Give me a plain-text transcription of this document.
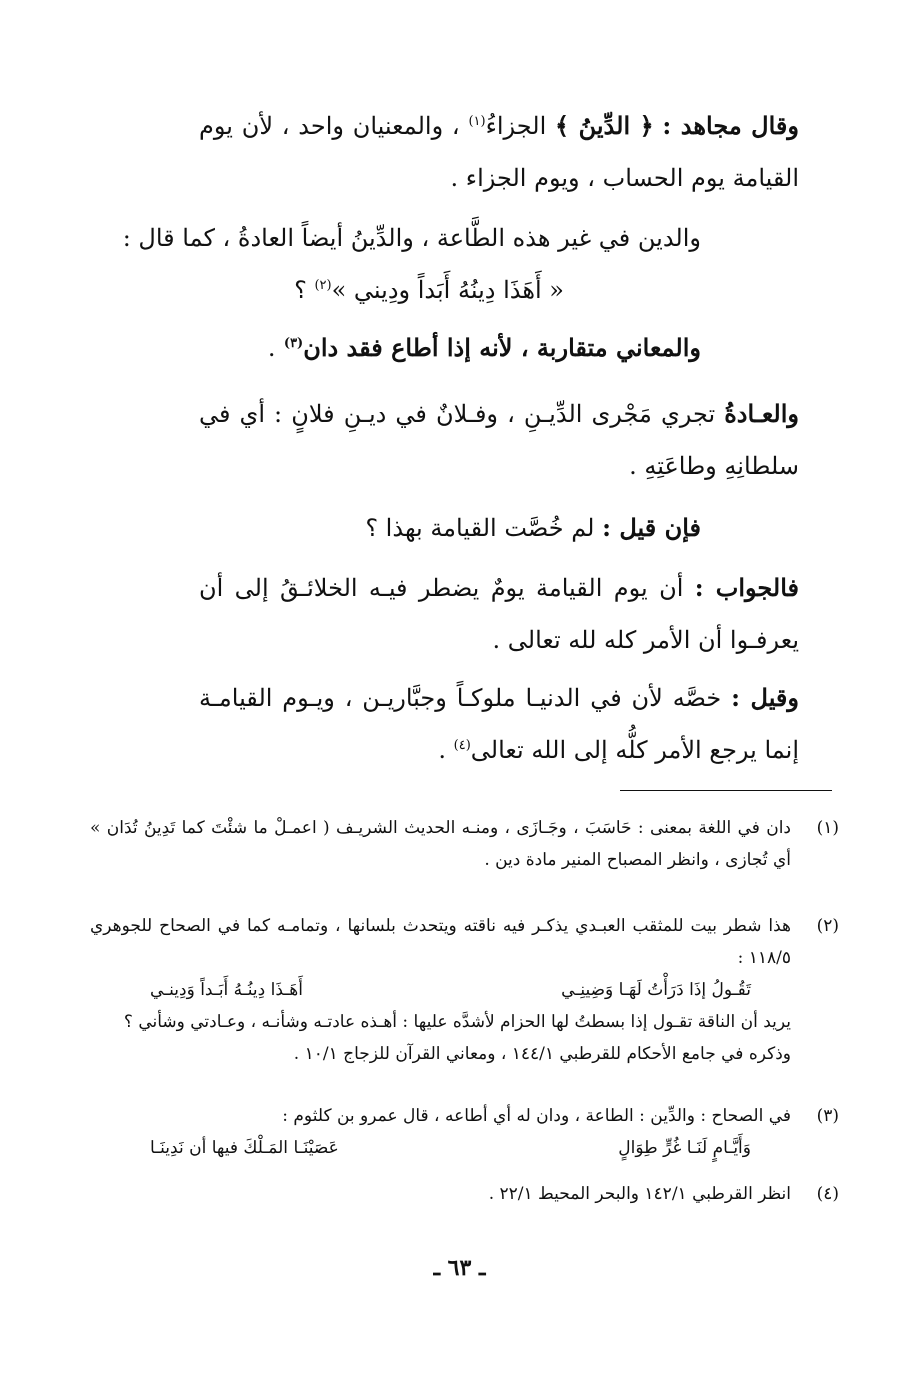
وقال مجاهد : ﴿ الدِّينُ ﴾ الجزاءُ$^{(١)}$ ، والمعنيان واحد ، لأن يوم القيامة يوم الحساب ، ويوم الجزاء .
والدين في غير هذه الطَّاعة ، والدِّينُ أيضاً العادةُ ، كما قال :
« أَهَذَا دِينُهُ أَبَداً ودِيني »$^{(٢)}$ ؟
والمعاني متقاربة ، لأنه إذا أطاع فقد دان$^{(٣)}$ .
والعـادةُ تجري مَجْرى الدِّيـنِ ، وفـلانٌ في ديـنِ فلانٍ : أي في سلطانِهِ وطاعَتِهِ .
فإن قيل : لم خُصَّت القيامة بهذا ؟
فالجواب : أن يوم القيامة يومٌ يضطر فيـه الخلائـقُ إلى أن يعرفـوا أن الأمر كله لله تعالى .
وقيل : خصَّه لأن في الدنيـا ملوكـاً وجبَّاريـن ، ويـوم القيامـة إنما يرجع الأمر كلُّه إلى الله تعالى$^{(٤)}$ .
(١)
دان في اللغة بمعنى : حَاسَبَ ، وجَـازَى ، ومنـه الحديث الشريـف ( اعمـلْ ما شئْتَ كما تَدِينُ تُدَان » أي تُجازى ، وانظر المصباح المنير مادة دين .
(٢)
هذا شطر بيت للمثقب العبـدي يذكـر فيه ناقته ويتحدث بلسانها ، وتمامـه كما في الصحاح للجوهري ١١٨/٥ :
تَقُـولُ إذَا دَرَأْتُ لَهَـا وَضِينِـي
أَهَـذَا دِينُـهُ أَبَـداً وَدِينـي
يريد أن الناقة تقـول إذا بسطتُ لها الحزام لأشدَّه عليها : أهـذه عادتـه وشأنـه ، وعـادتي وشأني ؟
وذكره في جامع الأحكام للقرطبي ١٤٤/١ ، ومعاني القرآن للزجاج ١٠/١ .
(٣)
في الصحاح : والدِّين : الطاعة ، ودان له أي أطاعه ، قال عمرو بن كلثوم :
وَأَيَّـامٍ لَنَـا غُرٍّ طِوَالٍ
عَصَيْنَـا المَـلْكَ فيها أن نَدِينَـا
(٤)
انظر القرطبي ١٤٢/١ والبحر المحيط ٢٢/١ .
ـ ٦٣ ـ
